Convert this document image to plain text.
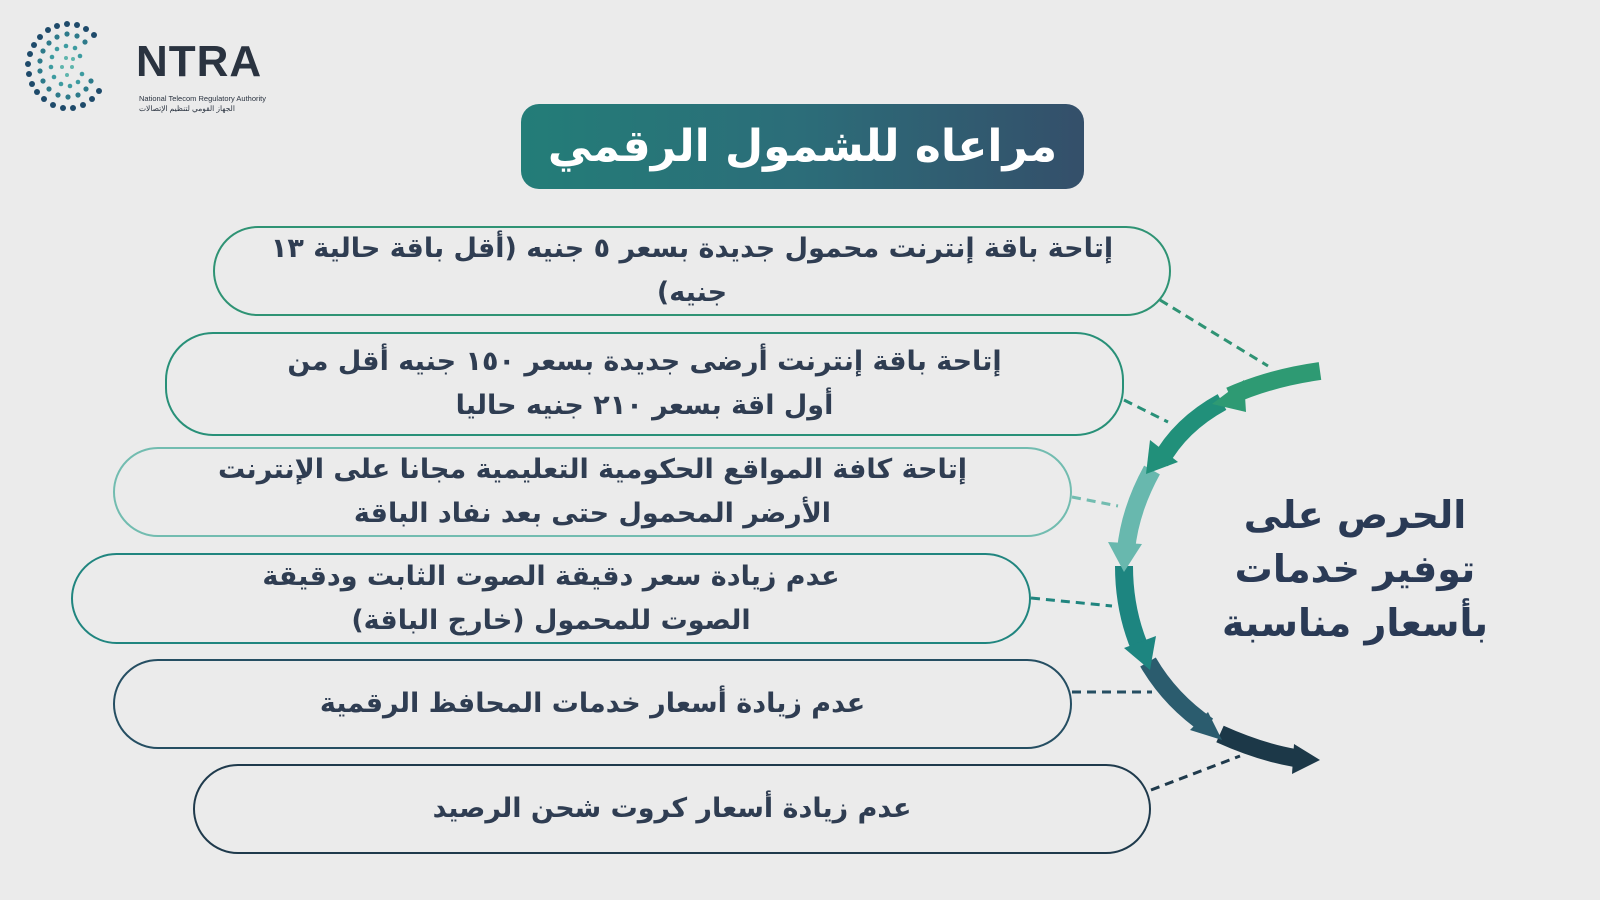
NTRA
National Telecom Regulatory Authority
الجهاز القومي لتنظيم الإتصالات
مراعاه للشمول الرقمي
إتاحة باقة إنترنت محمول جديدة بسعر ٥ جنيه (أقل باقة حالية ١٣ جنيه)
إتاحة باقة إنترنت أرضى جديدة بسعر ١٥٠ جنيه أقل من
أول اقة بسعر ٢١٠ جنيه حاليا
إتاحة كافة المواقع الحكومية التعليمية مجانا على الإنترنت
الأرضر المحمول حتى بعد نفاد الباقة
عدم زيادة سعر دقيقة الصوت الثابت ودقيقة
الصوت للمحمول (خارج الباقة)
عدم زيادة أسعار خدمات المحافظ الرقمية
عدم زيادة أسعار كروت شحن الرصيد
الحرص على توفير خدمات بأسعار مناسبة
